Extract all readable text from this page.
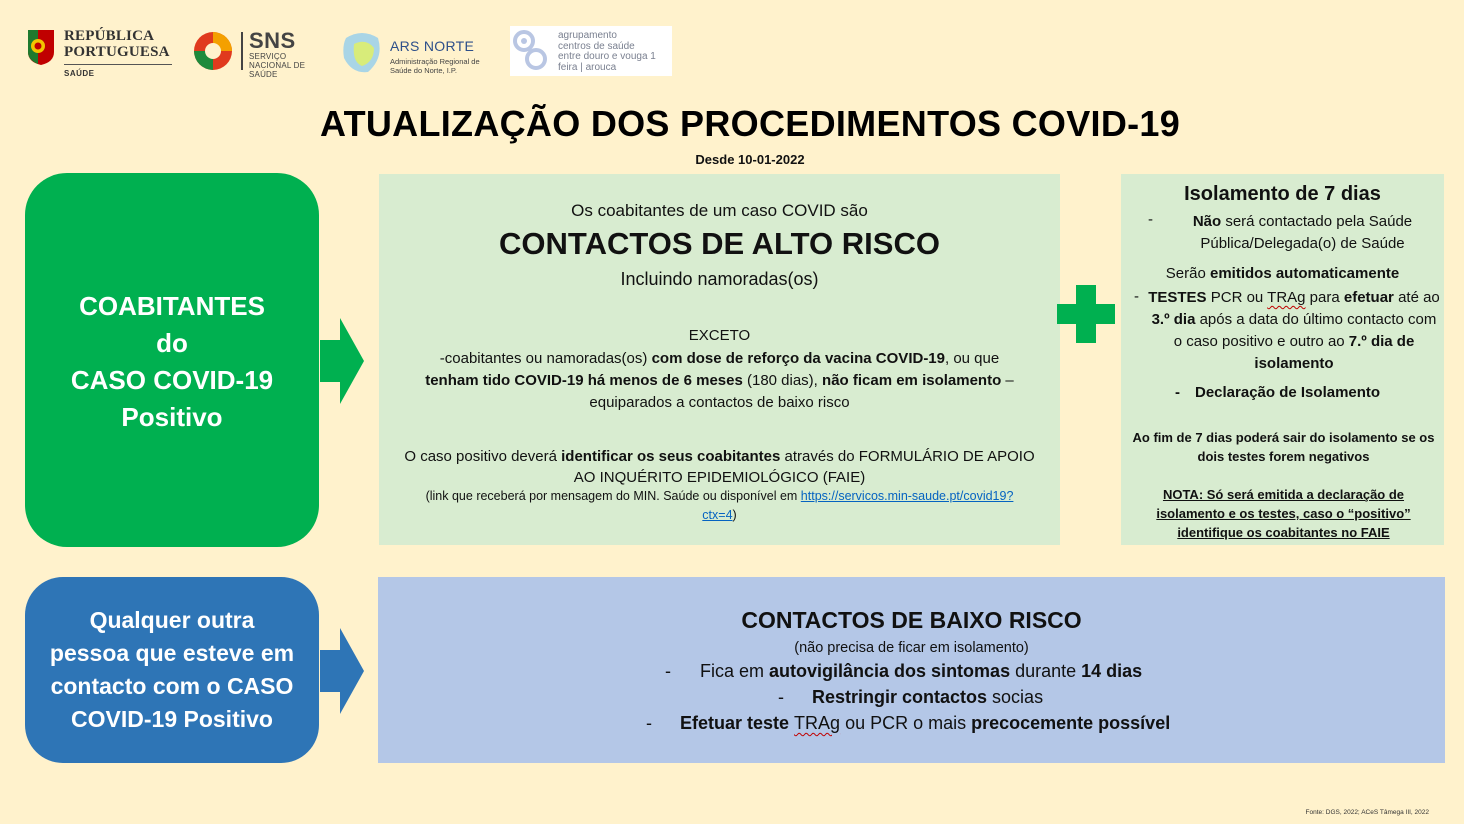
REPÚBLICA
PORTUGUESA
SAÚDE
SNS
SERVIÇO NACIONAL DE SAÚDE
ARS NORTE
Administração Regional de Saúde do Norte, I.P.
agrupamento
centros de saúde
entre douro e vouga 1
feira | arouca
ATUALIZAÇÃO DOS PROCEDIMENTOS COVID-19
Desde 10-01-2022
COABITANTES
do
CASO COVID-19
Positivo
Os coabitantes de um caso COVID são
CONTACTOS DE ALTO RISCO
Incluindo namoradas(os)
EXCETO
-coabitantes ou namoradas(os) com dose de reforço da vacina COVID-19, ou que
tenham tido COVID-19 há menos de 6 meses (180 dias), não ficam em isolamento – equiparados a contactos de baixo risco
O caso positivo deverá identificar os seus coabitantes através do FORMULÁRIO DE APOIO AO INQUÉRITO EPIDEMIOLÓGICO (FAIE)
(link que receberá por mensagem do MIN. Saúde ou disponível em https://servicos.min-saude.pt/covid19?ctx=4)
Isolamento de 7 dias
-	Não será contactado pela Saúde Pública/Delegada(o) de Saúde
Serão emitidos automaticamente
- TESTES PCR ou TRAg para efetuar até ao 3.º dia após a data do último contacto com o caso positivo e outro ao 7.º dia de isolamento
- Declaração de Isolamento
Ao fim de 7 dias poderá sair do isolamento se os dois testes forem negativos
NOTA: Só será emitida a declaração de isolamento e os testes, caso o “positivo” identifique os coabitantes no FAIE
Qualquer outra
pessoa que esteve em
contacto com o CASO
COVID-19 Positivo
CONTACTOS DE BAIXO RISCO
(não precisa de ficar em isolamento)
- Fica em autovigilância dos sintomas durante 14 dias
- Restringir contactos socias
- Efetuar teste TRAg ou PCR o mais precocemente possível
Fonte: DGS, 2022; ACeS Tâmega III, 2022
